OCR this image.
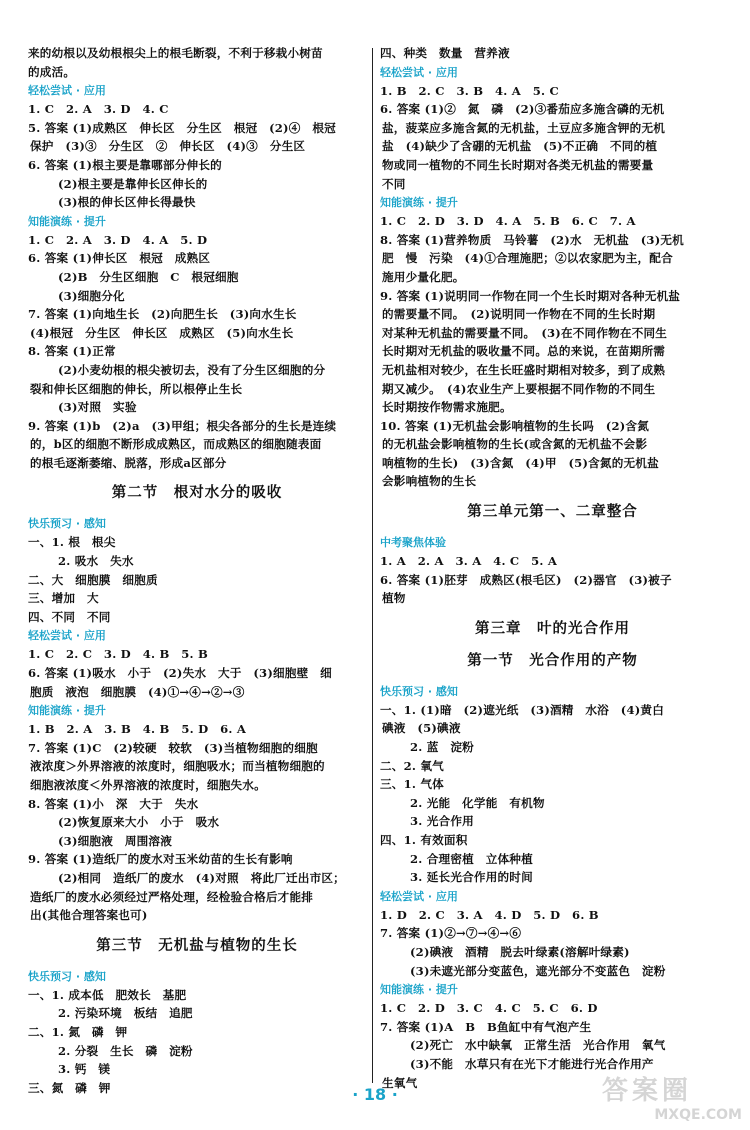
来的幼根以及幼根根尖上的根毛断裂，不利于移栽小树苗
的成活。
轻松尝试 · 应用
1. C　2. A　3. D　4. C
5. 答案 (1)成熟区　伸长区　分生区　根冠　(2)④　根冠
保护　(3)③　分生区　②　伸长区　(4)③　分生区
6. 答案 (1)根主要是靠哪部分伸长的
(2)根主要是靠伸长区伸长的
(3)根的伸长区伸长得最快
知能演练 · 提升
1. C　2. A　3. D　4. A　5. D
6. 答案 (1)伸长区　根冠　成熟区
(2)B　分生区细胞　C　根冠细胞
(3)细胞分化
7. 答案 (1)向地生长　(2)向肥生长　(3)向水生长
(4)根冠　分生区　伸长区　成熟区　(5)向水生长
8. 答案 (1)正常
(2)小麦幼根的根尖被切去，没有了分生区细胞的分
裂和伸长区细胞的伸长，所以根停止生长
(3)对照　实验
9. 答案 (1)b　(2)a　(3)甲组；根尖各部分的生长是连续
的，b区的细胞不断形成成熟区，而成熟区的细胞随表面
的根毛逐渐萎缩、脱落，形成a区部分
第二节　根对水分的吸收
快乐预习 · 感知
一、1. 根　根尖
2. 吸水　失水
二、大　细胞膜　细胞质
三、增加　大
四、不同　不同
轻松尝试 · 应用
1. C　2. C　3. D　4. B　5. B
6. 答案 (1)吸水　小于　(2)失水　大于　(3)细胞壁　细
胞质　液泡　细胞膜　(4)①→④→②→③
知能演练 · 提升
1. B　2. A　3. B　4. B　5. D　6. A
7. 答案 (1)C　(2)较硬　较软　(3)当植物细胞的细胞
液浓度＞外界溶液的浓度时，细胞吸水；而当植物细胞的
细胞液浓度＜外界溶液的浓度时，细胞失水。
8. 答案 (1)小　深　大于　失水
(2)恢复原来大小　小于　吸水
(3)细胞液　周围溶液
9. 答案 (1)造纸厂的废水对玉米幼苗的生长有影响
(2)相同　造纸厂的废水　(4)对照　将此厂迁出市区；
造纸厂的废水必须经过严格处理，经检验合格后才能排
出(其他合理答案也可)
第三节　无机盐与植物的生长
快乐预习 · 感知
一、1. 成本低　肥效长　基肥
2. 污染环境　板结　追肥
二、1. 氮　磷　钾
2. 分裂　生长　磷　淀粉
3. 钙　镁
三、氮　磷　钾
四、种类　数量　营养液
轻松尝试 · 应用
1. B　2. C　3. B　4. A　5. C
6. 答案 (1)②　氮　磷　(2)③番茄应多施含磷的无机
盐，菠菜应多施含氮的无机盐，土豆应多施含钾的无机
盐　(4)缺少了含硼的无机盐　(5)不正确　不同的植
物或同一植物的不同生长时期对各类无机盐的需要量
不同
知能演练 · 提升
1. C　2. D　3. D　4. A　5. B　6. C　7. A
8. 答案 (1)营养物质　马铃薯　(2)水　无机盐　(3)无机
肥　慢　污染　(4)①合理施肥；②以农家肥为主，配合
施用少量化肥。
9. 答案 (1)说明同一作物在同一个生长时期对各种无机盐
的需要量不同。　(2)说明同一作物在不同的生长时期
对某种无机盐的需要量不同。　(3)在不同作物在不同生
长时期对无机盐的吸收量不同。总的来说，在苗期所需
无机盐相对较少，在生长旺盛时期相对较多，到了成熟
期又减少。　(4)农业生产上要根据不同作物的不同生
长时期按作物需求施肥。
10. 答案 (1)无机盐会影响植物的生长吗　(2)含氮
的无机盐会影响植物的生长(或含氮的无机盐不会影
响植物的生长)　(3)含氮　(4)甲　(5)含氮的无机盐
会影响植物的生长
第三单元第一、二章整合
中考聚焦体验
1. A　2. A　3. A　4. C　5. A
6. 答案 (1)胚芽　成熟区(根毛区)　(2)器官　(3)被子
植物
第三章　叶的光合作用
第一节　光合作用的产物
快乐预习 · 感知
一、1. (1)暗　(2)遮光纸　(3)酒精　水浴　(4)黄白
碘液　(5)碘液
2. 蓝　淀粉
二、2. 氧气
三、1. 气体
2. 光能　化学能　有机物
3. 光合作用
四、1. 有效面积
2. 合理密植　立体种植
3. 延长光合作用的时间
轻松尝试 · 应用
1. D　2. C　3. A　4. D　5. D　6. B
7. 答案 (1)②→⑦→④→⑥
(2)碘液　酒精　脱去叶绿素(溶解叶绿素)
(3)未遮光部分变蓝色，遮光部分不变蓝色　淀粉
知能演练 · 提升
1. C　2. D　3. C　4. C　5. C　6. D
7. 答案 (1)A　B　B鱼缸中有气泡产生
(2)死亡　水中缺氧　正常生活　光合作用　氧气
(3)不能　水草只有在光下才能进行光合作用产
生氧气
· 18 ·	答案圈
MXQE.COM
